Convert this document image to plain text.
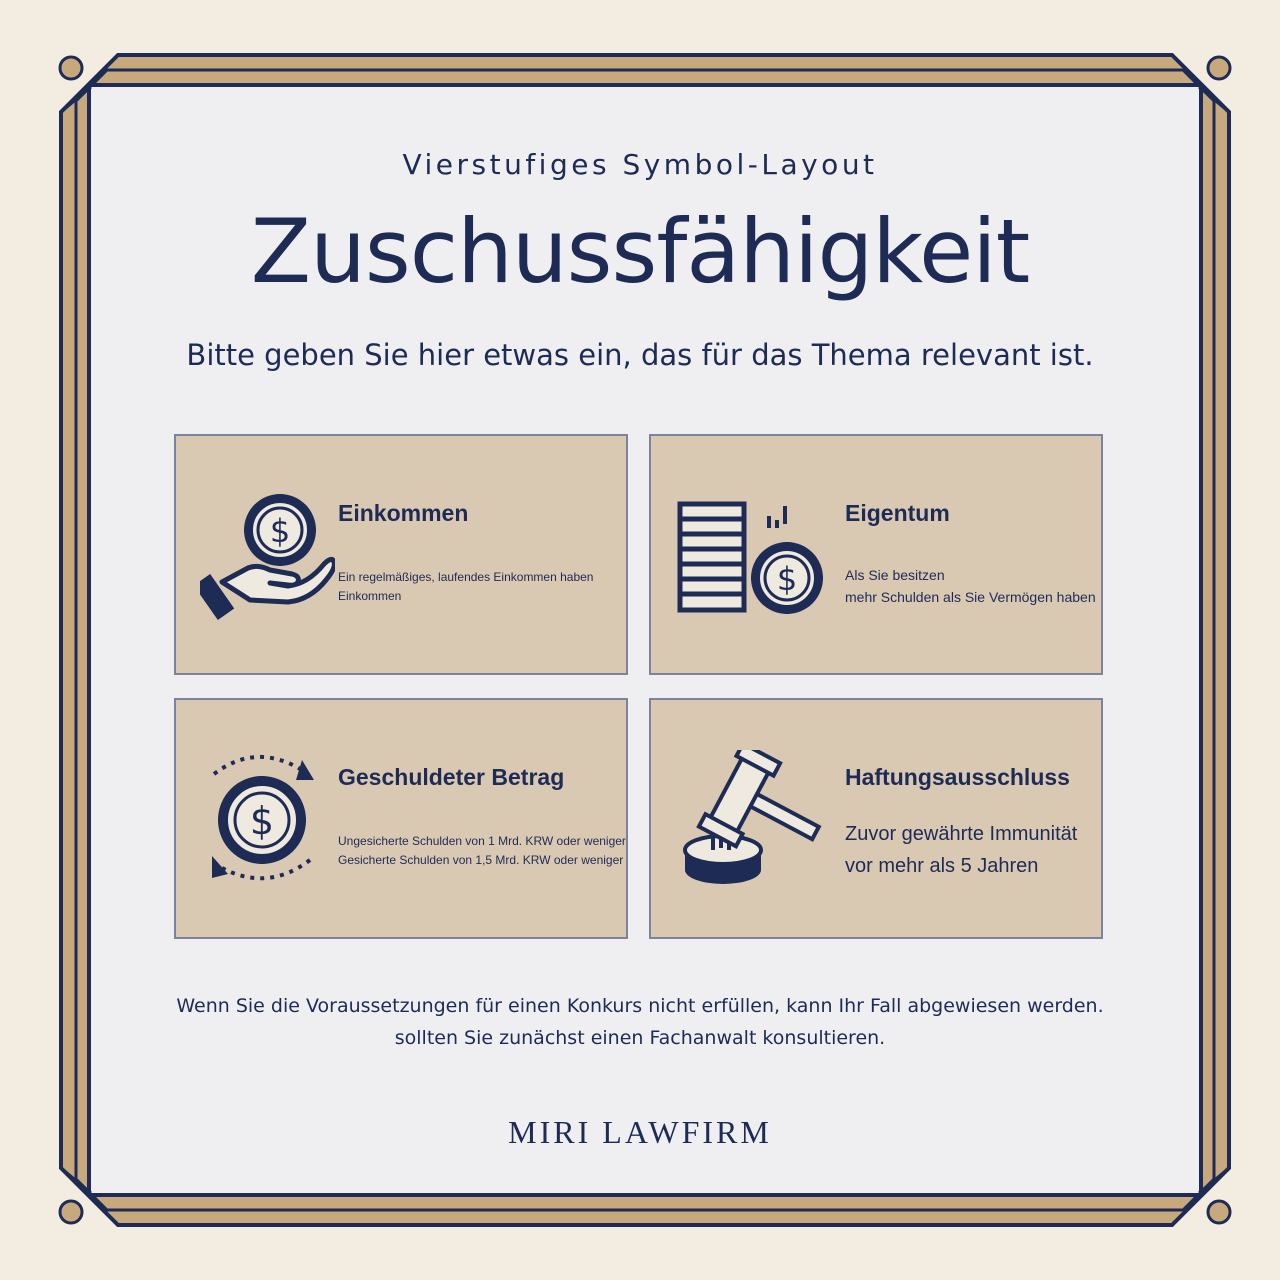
Vierstufiges Symbol-Layout
Zuschussfähigkeit
Bitte geben Sie hier etwas ein, das für das Thema relevant ist.
$ Einkommen
Ein regelmäßiges, laufendes Einkommen haben
Einkommen	$
Eigentum
Als Sie besitzen
mehr Schulden als Sie Vermögen haben
$
Geschuldeter Betrag
Ungesicherte Schulden von 1 Mrd. KRW oder weniger
Gesicherte Schulden von 1,5 Mrd. KRW oder weniger
Haftungsausschluss
Zuvor gewährte Immunität
vor mehr als 5 Jahren
Wenn Sie die Voraussetzungen für einen Konkurs nicht erfüllen, kann Ihr Fall abgewiesen werden.
sollten Sie zunächst einen Fachanwalt konsultieren.
MIRI LAWFIRM
